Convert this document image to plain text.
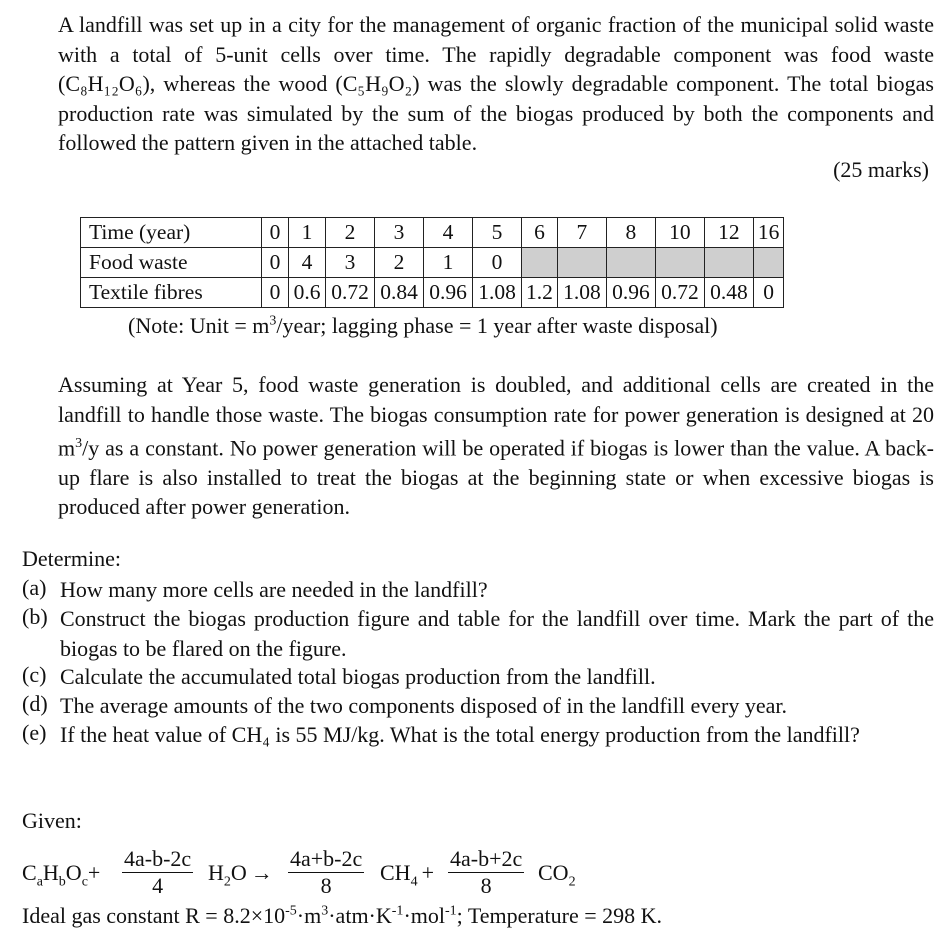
A landfill was set up in a city for the management of organic fraction of the municipal solid waste with a total of 5-unit cells over time. The rapidly degradable component was food waste (C₈H₁₂O₆), whereas the wood (C₅H₉O₂) was the slowly degradable component. The total biogas production rate was simulated by the sum of the biogas produced by both the components and followed the pattern given in the attached table.
(25 marks)
Time (year)	0	1	2	3	4	5	6	7	8	10	12	16
Food waste	0	4	3	2	1	0						
Textile fibres	0	0.6	0.72	0.84	0.96	1.08	1.2	1.08	0.96	0.72	0.48	0
(Note: Unit = $m^3$/year; lagging phase = 1 year after waste disposal)
Assuming at Year 5, food waste generation is doubled, and additional cells are created in the landfill to handle those waste. The biogas consumption rate for power generation is designed at 20 $m^3/y$ as a constant. No power generation will be operated if biogas is lower than the value. A back-up flare is also installed to treat the biogas at the beginning state or when excessive biogas is produced after power generation.
Determine:
(a) How many more cells are needed in the landfill?
(b) Construct the biogas production figure and table for the landfill over time. Mark the part of the biogas to be flared on the figure.
(c) Calculate the accumulated total biogas production from the landfill.
(d) The average amounts of the two components disposed of in the landfill every year.
(e) If the heat value of CH₄ is 55 MJ/kg. What is the total energy production from the landfill?
Given:
$C_aH_bO_c+ \frac{4a-b-2c}{4} H_2O \to \frac{4a+b-2c}{8} CH_4 + \frac{4a-b+2c}{8} CO_2$
Ideal gas constant $R = 8.2\times 10^{-5}\cdot m^3\cdot atm\cdot K^{-1}\cdot mol^{-1}$; Temperature = 298 K.
